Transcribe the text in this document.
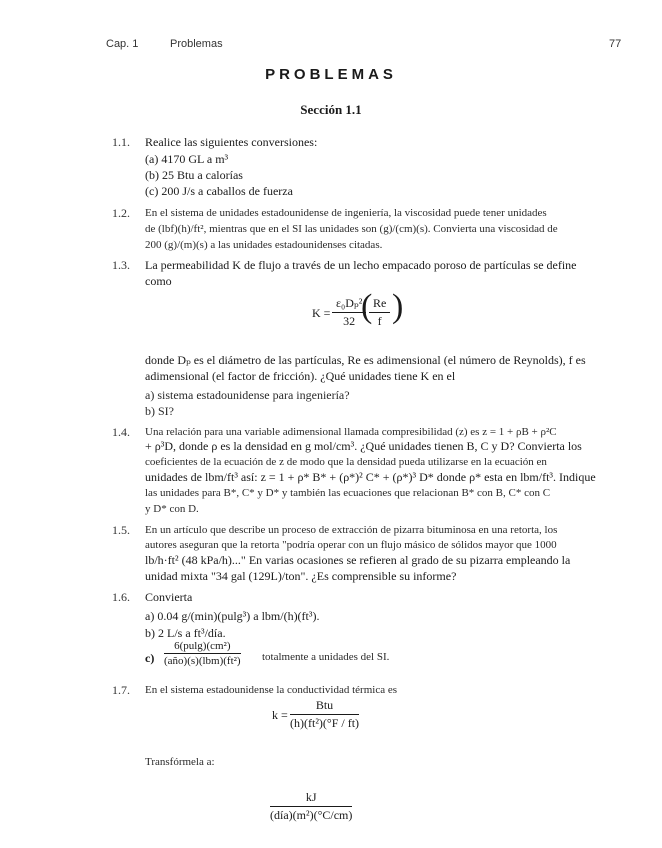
Cap. 1	Problemas	77
PROBLEMAS
Sección 1.1
1.1. Realice las siguientes conversiones:
(a) 4170 GL a m³
(b) 25 Btu a calorías
(c) 200 J/s a caballos de fuerza
1.2. En el sistema de unidades estadounidense de ingeniería, la viscosidad puede tener unidades
de (lbf)(h)/ft², mientras que en el SI las unidades son (g)/(cm)(s). Convierta una viscosidad de
200 (g)/(m)(s) a las unidades estadounidenses citadas.
1.3. La permeabilidad K de flujo a través de un lecho empacado poroso de partículas se define
como
$K = \frac{\text{ε₀Dₚ²}}{32}$
(
$\frac{Re}{f}$ )
donde Dₚ es el diámetro de las partículas, Re es adimensional (el número de Reynolds), f es
adimensional (el factor de fricción). ¿Qué unidades tiene K en el
a) sistema estadounidense para ingeniería?
b) SI?
1.4. Una relación para una variable adimensional llamada compresibilidad (z) es z = 1 + ρB + ρ²C
+ ρ³D, donde ρ es la densidad en g mol/cm³. ¿Qué unidades tienen B, C y D? Convierta los
coeficientes de la ecuación de z de modo que la densidad pueda utilizarse en la ecuación en
unidades de lbm/ft³ así: z = 1 + ρ* B* + (ρ*)² C* + (ρ*)³ D* donde ρ* esta en lbm/ft³. Indique
las unidades para B*, C* y D* y también las ecuaciones que relacionan B* con B, C* con C
y D* con D.
1.5. En un artículo que describe un proceso de extracción de pizarra bituminosa en una retorta, los
autores aseguran que la retorta "podría operar con un flujo másico de sólidos mayor que 1000
lb/h·ft² (48 kPa/h)..." En varias ocasiones se refieren al grado de su pizarra empleando la
unidad mixta "34 gal (129L)/ton". ¿Es comprensible su informe?
1.6. Convierta
a) 0.04 g/(min)(pulg³) a lbm/(h)(ft³).
b) 2 L/s a ft³/día.
c)
6(pulg)(cm²)
(año)(s)(lbm)(ft²) totalmente a unidades del SI.
1.7. En el sistema estadounidense la conductividad térmica es
k =
Btu
(h)(ft²)(°F / ft)
Transfórmela a:
kJ
(día)(m²)(°C/cm)
